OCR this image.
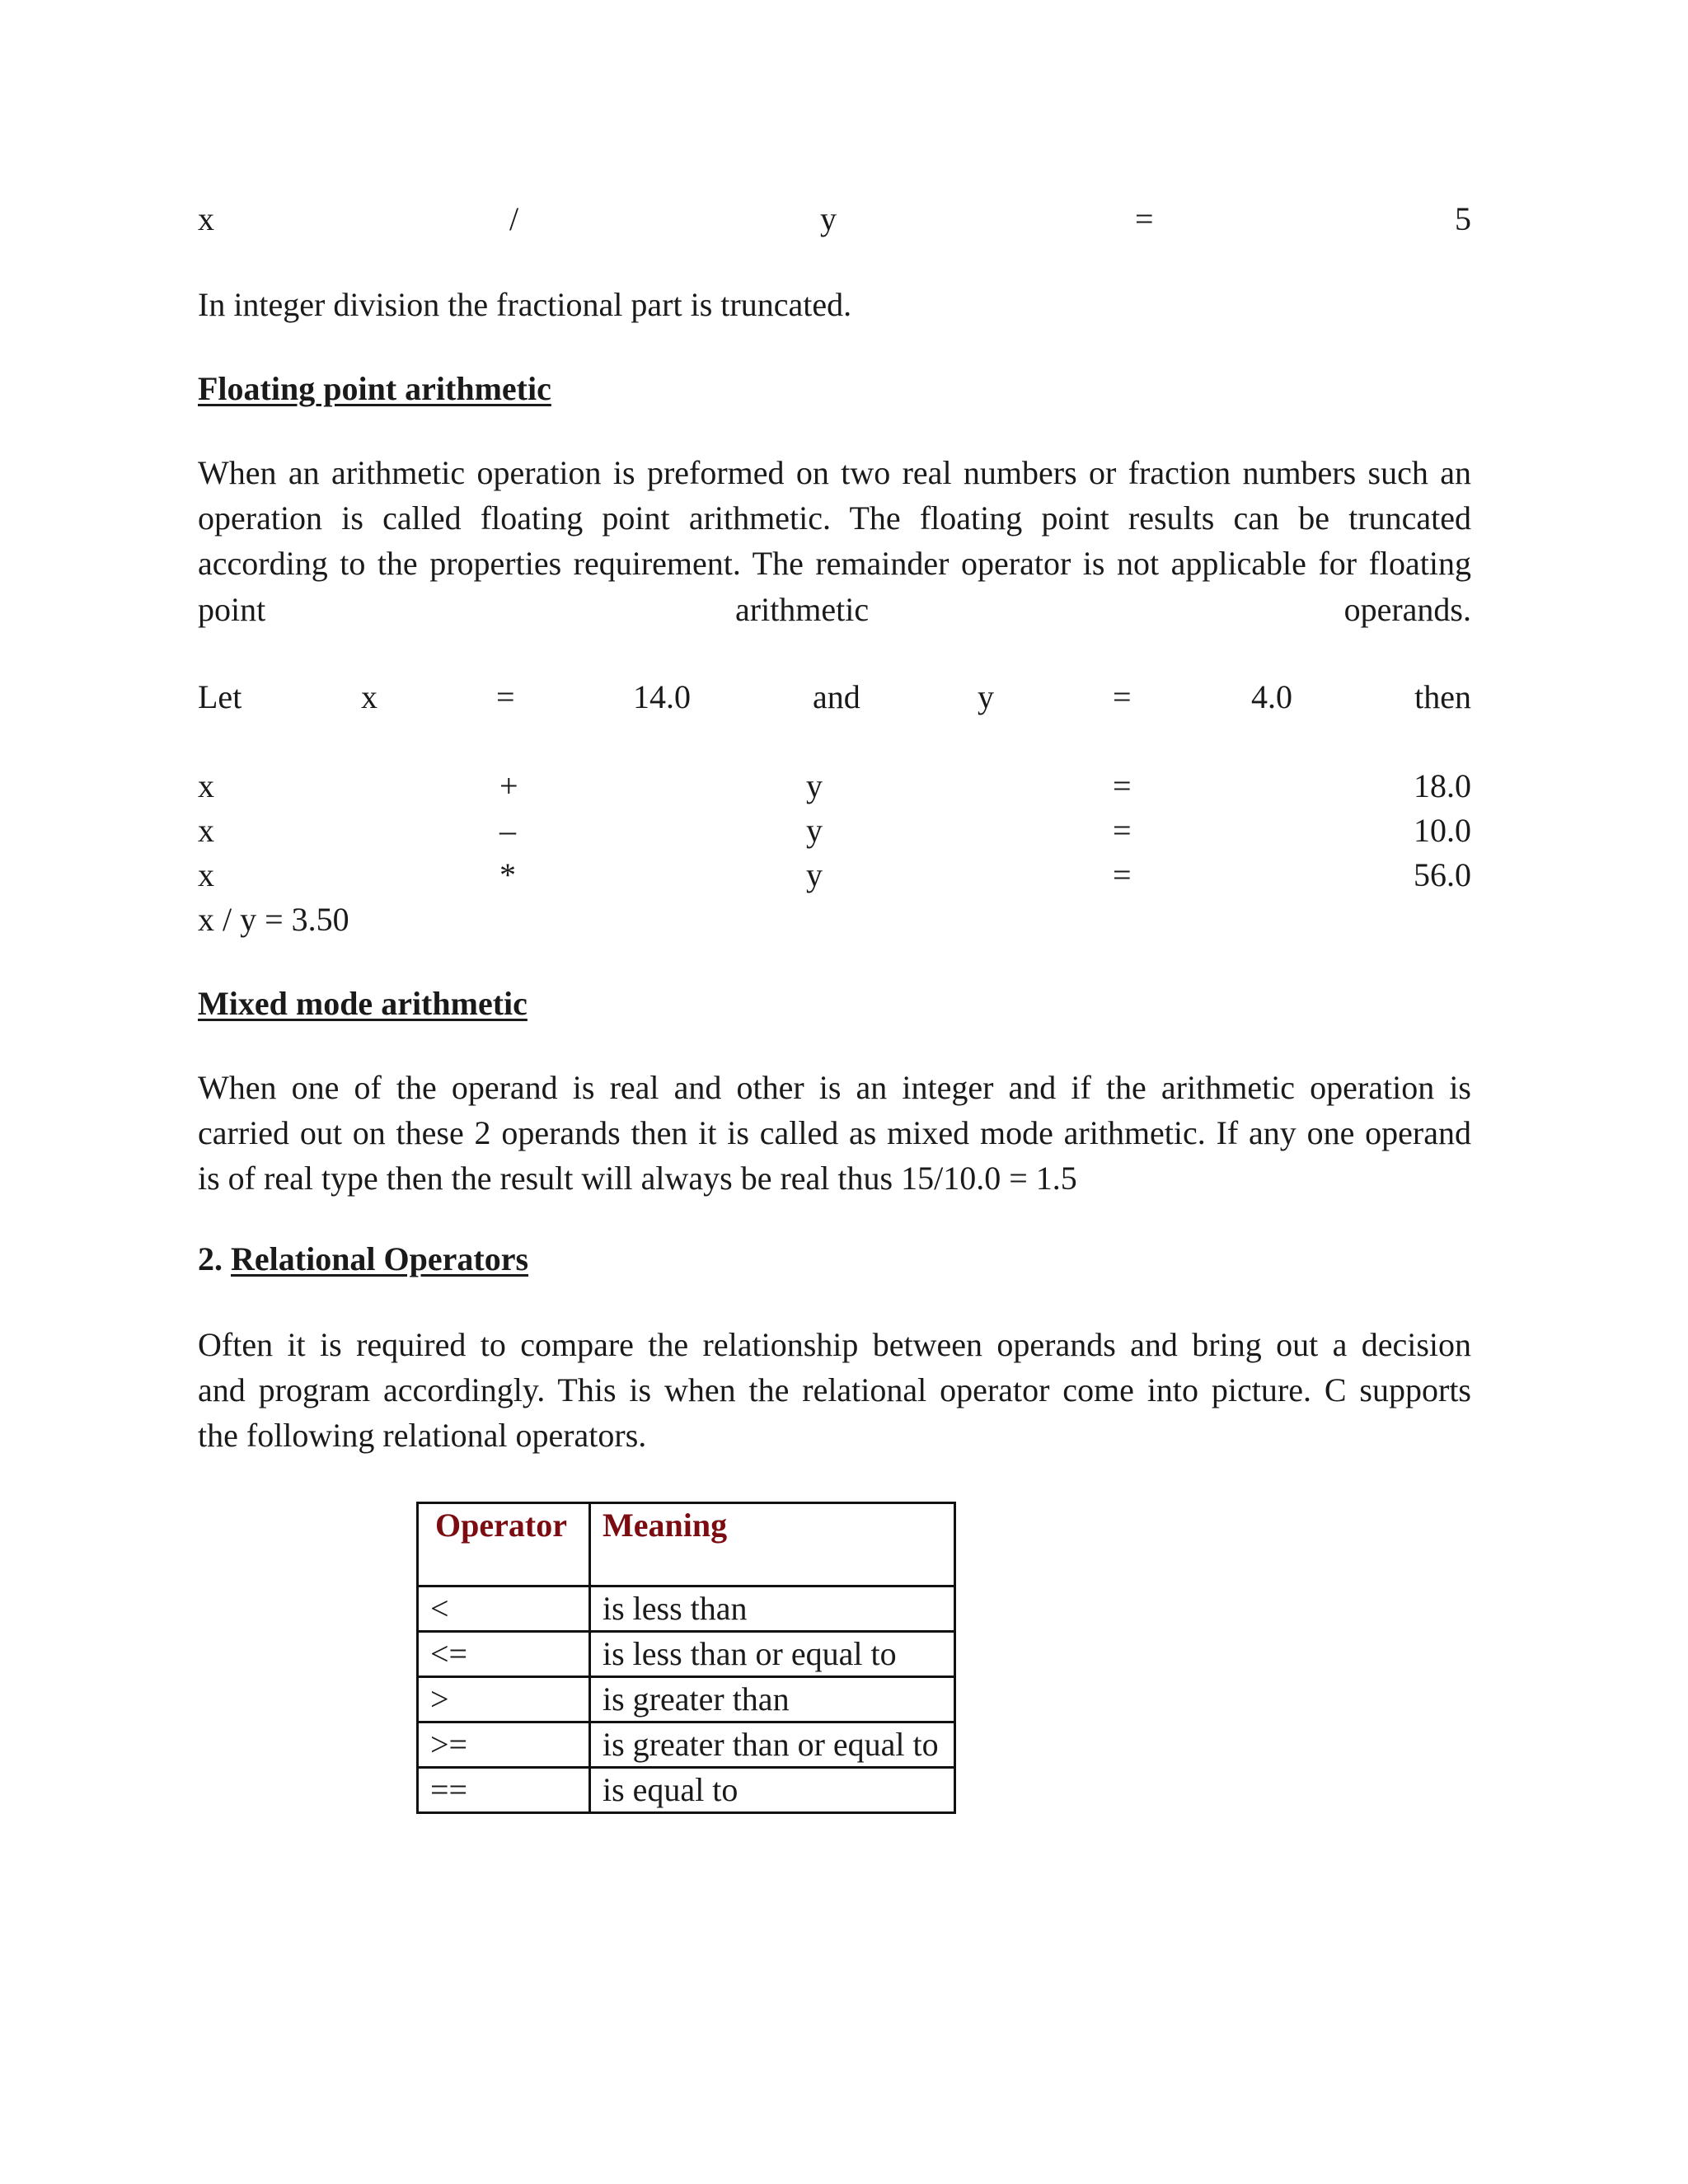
x	/	y	=	5
In integer division the fractional part is truncated.
Floating point arithmetic
When an arithmetic operation is preformed on two real numbers or fraction numbers such an
operation is called floating point arithmetic. The floating point results can be truncated
according to the properties requirement. The remainder operator is not applicable for floating
point	arithmetic	operands.
Let	x	=	14.0	and	y	=	4.0	then
x	+	y	=	18.0
x	–	y	=	10.0
x	*	y	=	56.0
x / y = 3.50
Mixed mode arithmetic
When one of the operand is real and other is an integer and if the arithmetic operation is
carried out on these 2 operands then it is called as mixed mode arithmetic. If any one operand
is of real type then the result will always be real thus 15/10.0 = 1.5
2. Relational Operators
Often it is required to compare the relationship between operands and bring out a decision
and program accordingly. This is when the relational operator come into picture. C supports
the following relational operators.
Operator	Meaning
<	is less than
<=	is less than or equal to
>	is greater than
>=	is greater than or equal to
==	is equal to
